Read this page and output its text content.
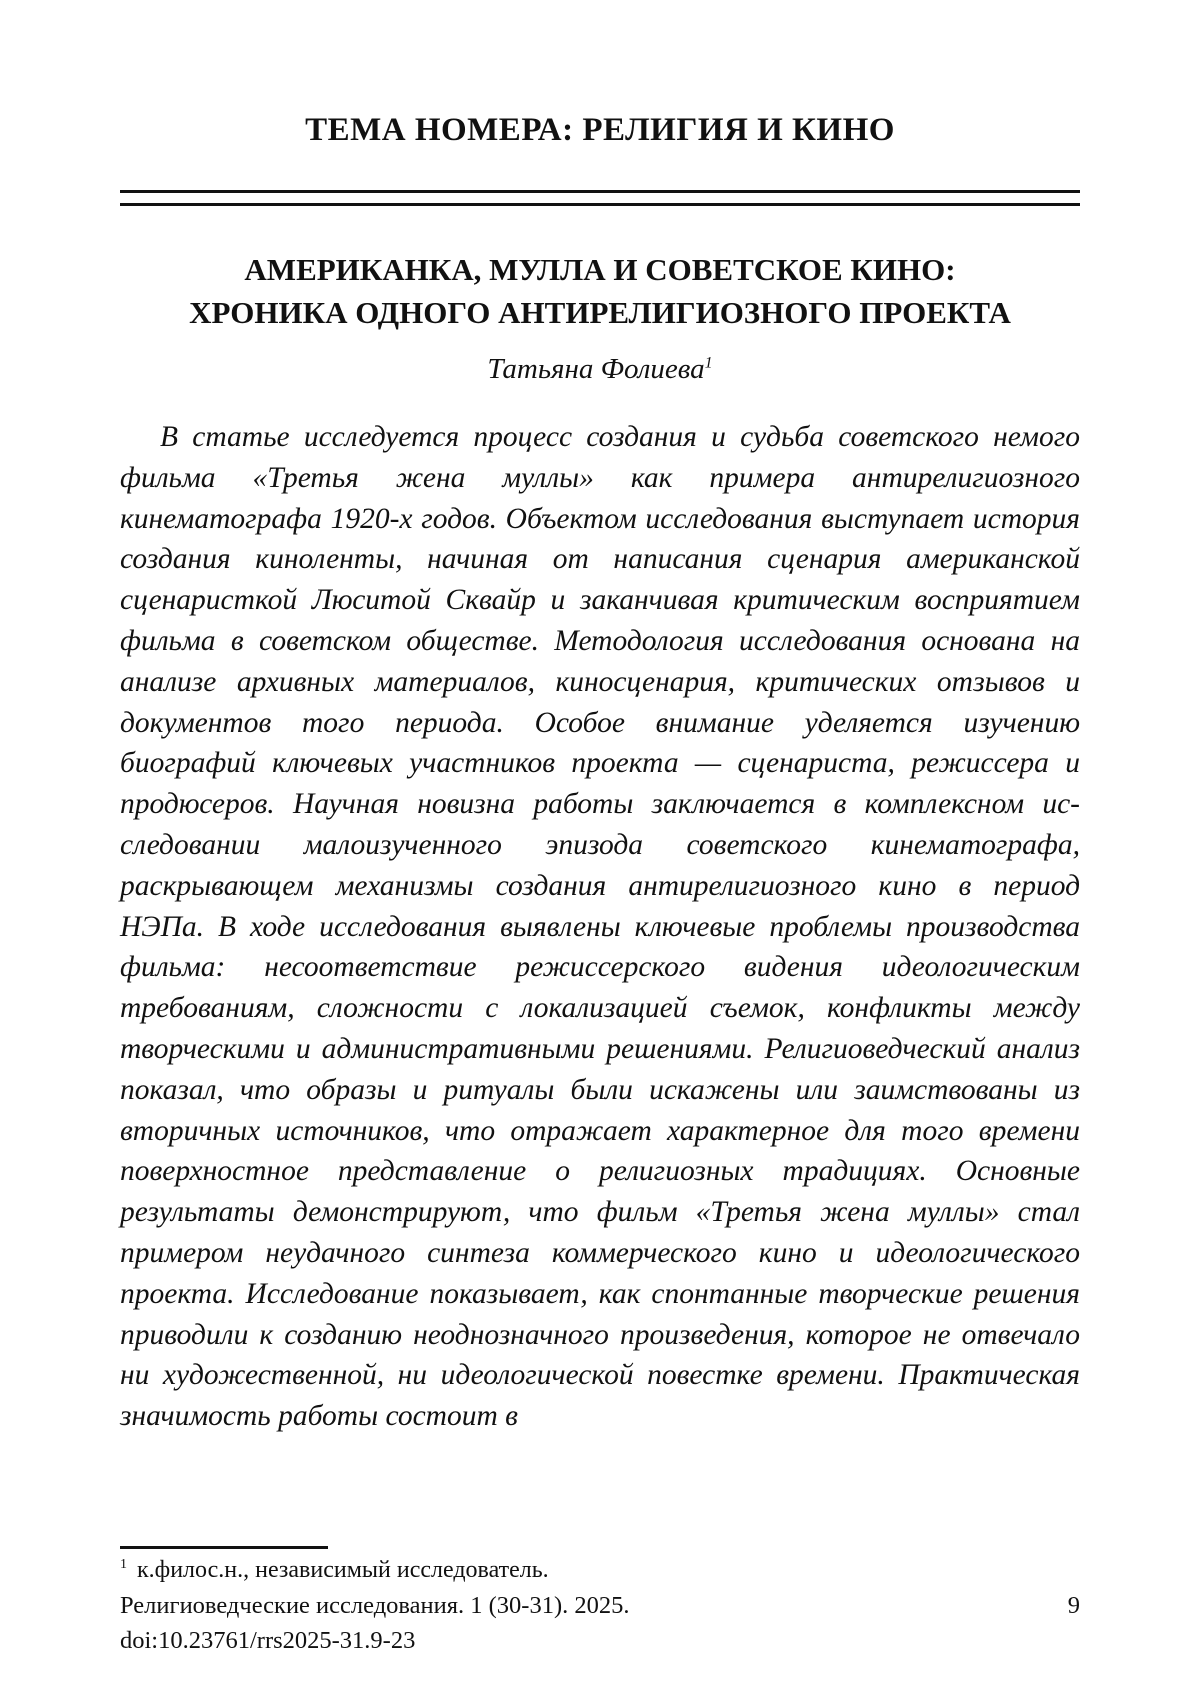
ТЕМА НОМЕРА: РЕЛИГИЯ И КИНО
АМЕРИКАНКА, МУЛЛА И СОВЕТСКОЕ КИНО:
ХРОНИКА ОДНОГО АНТИРЕЛИГИОЗНОГО ПРОЕКТА
Татьяна Фолиева$^1$

В статье исследуется процесс создания и судьба советского немого фильма «Третья жена муллы» как примера антирелигиозного кинематографа 1920-х годов. Объектом исследования выступает история создания киноленты, начиная от написания сценария американской сценаристкой Люситой Сквайр и заканчивая критическим восприятием фильма в советском обществе. Методология исследования основана на анализе архивных материалов, киносценария, критических отзывов и документов того периода. Особое внимание уделяется изучению биографий ключевых участников проекта — сценариста, режиссера и продюсеров. Научная новизна работы заключается в комплексном исследовании малоизученного эпизода советского кинематографа, раскрывающем механизмы создания антирелигиозного кино в период НЭПа. В ходе исследования выявлены ключевые проблемы производства фильма: несоответствие режиссерского видения идеологическим требованиям, сложности с локализацией съемок, конфликты между творческими и административными решениями. Религиоведческий анализ показал, что образы и ритуалы были искажены или заимствованы из вторичных источников, что отражает характерное для того времени поверхностное представление о религиозных традициях. Основные результаты демонстрируют, что фильм «Третья жена муллы» стал примером неудачного синтеза коммерческого кино и идеологического проекта. Исследование показывает, как спонтанные творческие решения приводили к созданию неоднозначного произведения, которое не отвечало ни художественной, ни идеологической повестке времени. Практическая значимость работы состоит в

$^1$ к.филос.н., независимый исследователь.
Религиоведческие исследования. 1 (30-31). 2025.
doi:10.23761/rrs2025-31.9-23
9
